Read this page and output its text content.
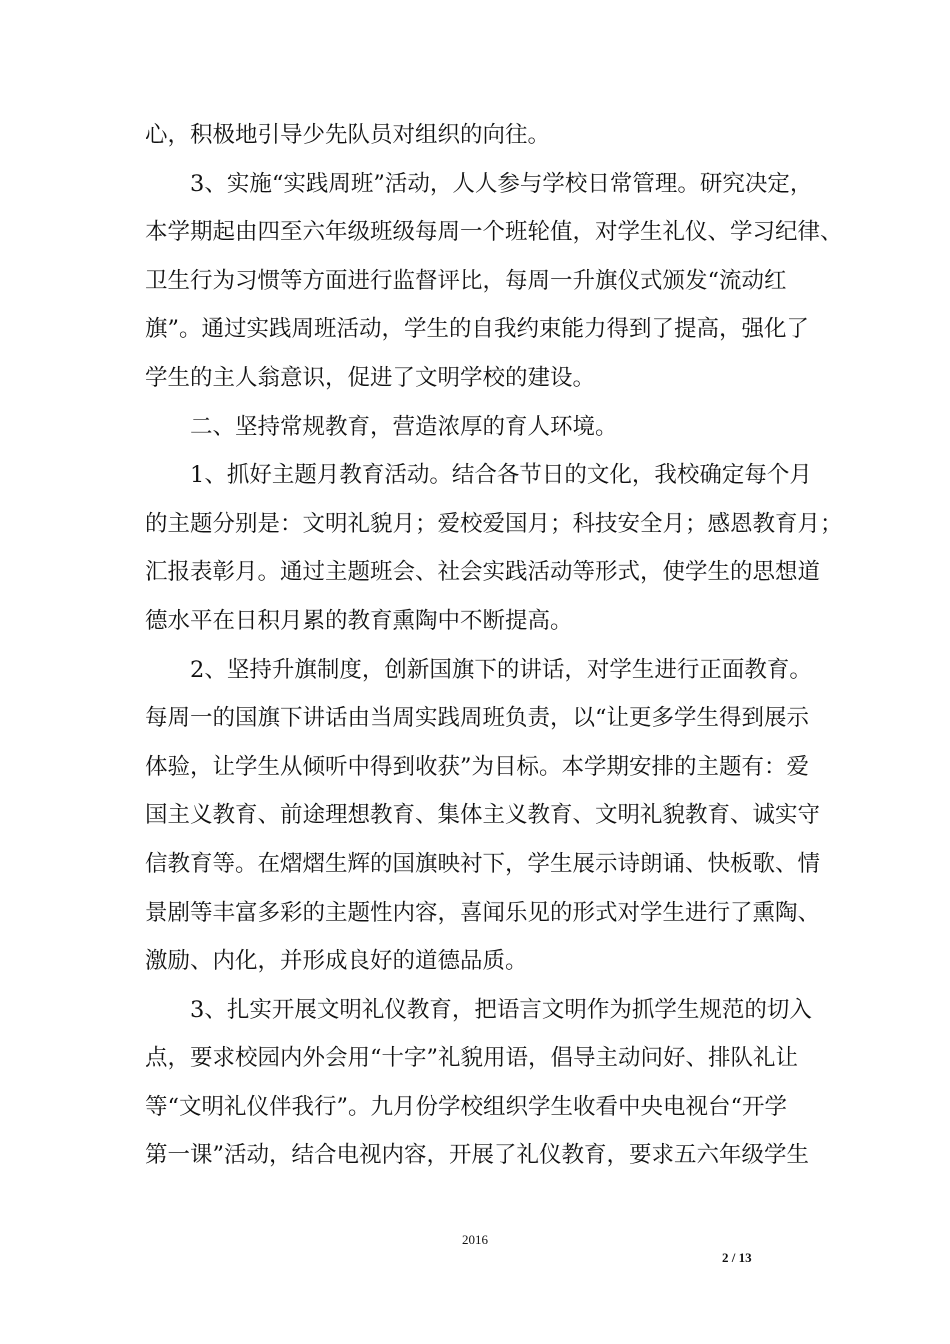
心，积极地引导少先队员对组织的向往。
　　3、实施“实践周班”活动，人人参与学校日常管理。研究决定，
本学期起由四至六年级班级每周一个班轮值，对学生礼仪、学习纪律、
卫生行为习惯等方面进行监督评比，每周一升旗仪式颁发“流动红
旗”。通过实践周班活动，学生的自我约束能力得到了提高，强化了
学生的主人翁意识，促进了文明学校的建设。
　　二、坚持常规教育，营造浓厚的育人环境。
　　1、抓好主题月教育活动。结合各节日的文化，我校确定每个月
的主题分别是：文明礼貌月；爱校爱国月；科技安全月；感恩教育月；
汇报表彰月。通过主题班会、社会实践活动等形式，使学生的思想道
德水平在日积月累的教育熏陶中不断提高。
　　2、坚持升旗制度，创新国旗下的讲话，对学生进行正面教育。
每周一的国旗下讲话由当周实践周班负责，以“让更多学生得到展示
体验，让学生从倾听中得到收获”为目标。本学期安排的主题有：爱
国主义教育、前途理想教育、集体主义教育、文明礼貌教育、诚实守
信教育等。在熠熠生辉的国旗映衬下，学生展示诗朗诵、快板歌、情
景剧等丰富多彩的主题性内容，喜闻乐见的形式对学生进行了熏陶、
激励、内化，并形成良好的道德品质。
　　3、扎实开展文明礼仪教育，把语言文明作为抓学生规范的切入
点，要求校园内外会用“十字”礼貌用语，倡导主动问好、排队礼让
等“文明礼仪伴我行”。九月份学校组织学生收看中央电视台“开学
第一课”活动，结合电视内容，开展了礼仪教育，要求五六年级学生
2016
2 / 13
